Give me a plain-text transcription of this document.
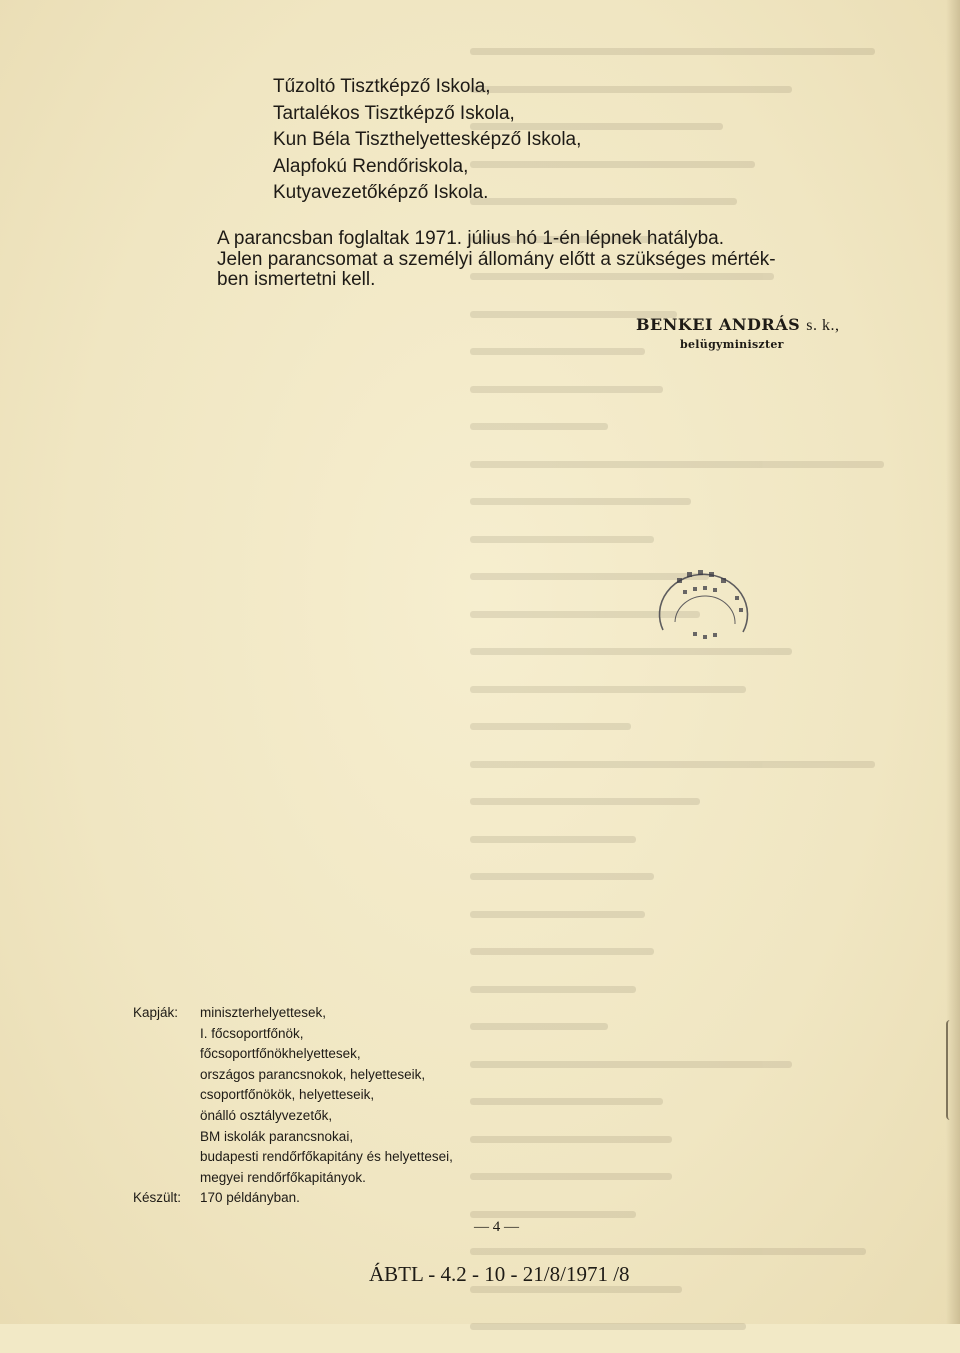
Tűzoltó Tisztképző Iskola,
Tartalékos Tisztképző Iskola,
Kun Béla Tiszthelyettesképző Iskola,
Alapfokú Rendőriskola,
Kutyavezetőképző Iskola.
A parancsban foglaltak 1971. július hó 1-én lépnek hatályba.
Jelen parancsomat a személyi állomány előtt a szükséges mérték-
ben ismertetni kell.
BENKEI ANDRÁS s. k.,
belügyminiszter
Kapják:	miniszterhelyettesek,
I. főcsoportfőnök,
főcsoportfőnökhelyettesek,
országos parancsnokok, helyetteseik,
csoportfőnökök, helyetteseik,
önálló osztályvezetők,
BM iskolák parancsnokai,
budapesti rendőrfőkapitány és helyettesei,
megyei rendőrfőkapitányok.
Készült:	170 példányban.
— 4 —
ÁBTL - 4.2 - 10 - 21/8/1971 /8
